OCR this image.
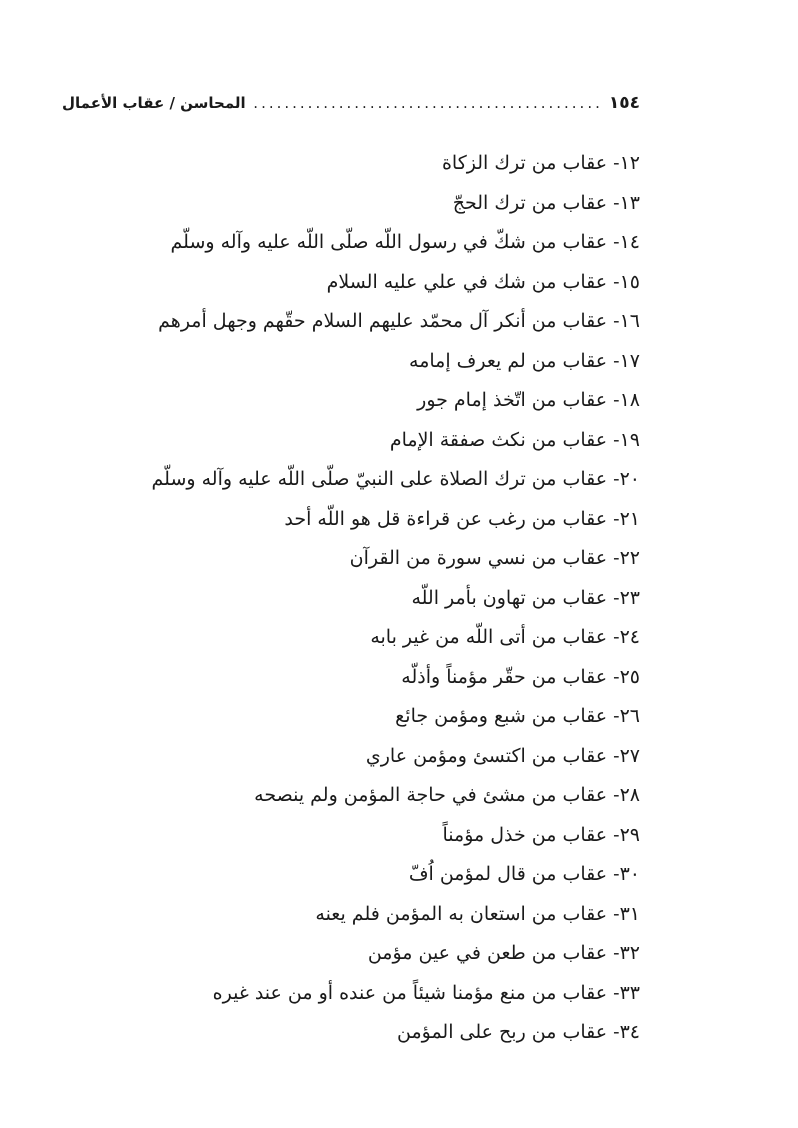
١٥٤
.....
المحاسن / عقاب الأعمال
١٢- عقاب من ترك الزكاة
١٣- عقاب من ترك الحجّ
١٤- عقاب من شكّ في رسول اللّه صلّى اللّه عليه وآله وسلّم
١٥- عقاب من شك في علي عليه السلام
١٦- عقاب من أنكر آل محمّد عليهم السلام حقّهم وجهل أمرهم
١٧- عقاب من لم يعرف إمامه
١٨- عقاب من اتّخذ إمام جور
١٩- عقاب من نكث صفقة الإمام
٢٠- عقاب من ترك الصلاة على النبيّ صلّى اللّه عليه وآله وسلّم
٢١- عقاب من رغب عن قراءة قل هو اللّه أحد
٢٢- عقاب من نسي سورة من القرآن
٢٣- عقاب من تهاون بأمر اللّه
٢٤- عقاب من أتى اللّه من غير بابه
٢٥- عقاب من حقّر مؤمناً وأذلّه
٢٦- عقاب من شبع ومؤمن جائع
٢٧- عقاب من اكتسئ ومؤمن عاري
٢٨- عقاب من مشئ في حاجة المؤمن ولم ينصحه
٢٩- عقاب من خذل مؤمناً
٣٠- عقاب من قال لمؤمن اُفّ
٣١- عقاب من استعان به المؤمن فلم يعنه
٣٢- عقاب من طعن في عين مؤمن
٣٣- عقاب من منع مؤمنا شيئاً من عنده أو من عند غيره
٣٤- عقاب من ربح على المؤمن
